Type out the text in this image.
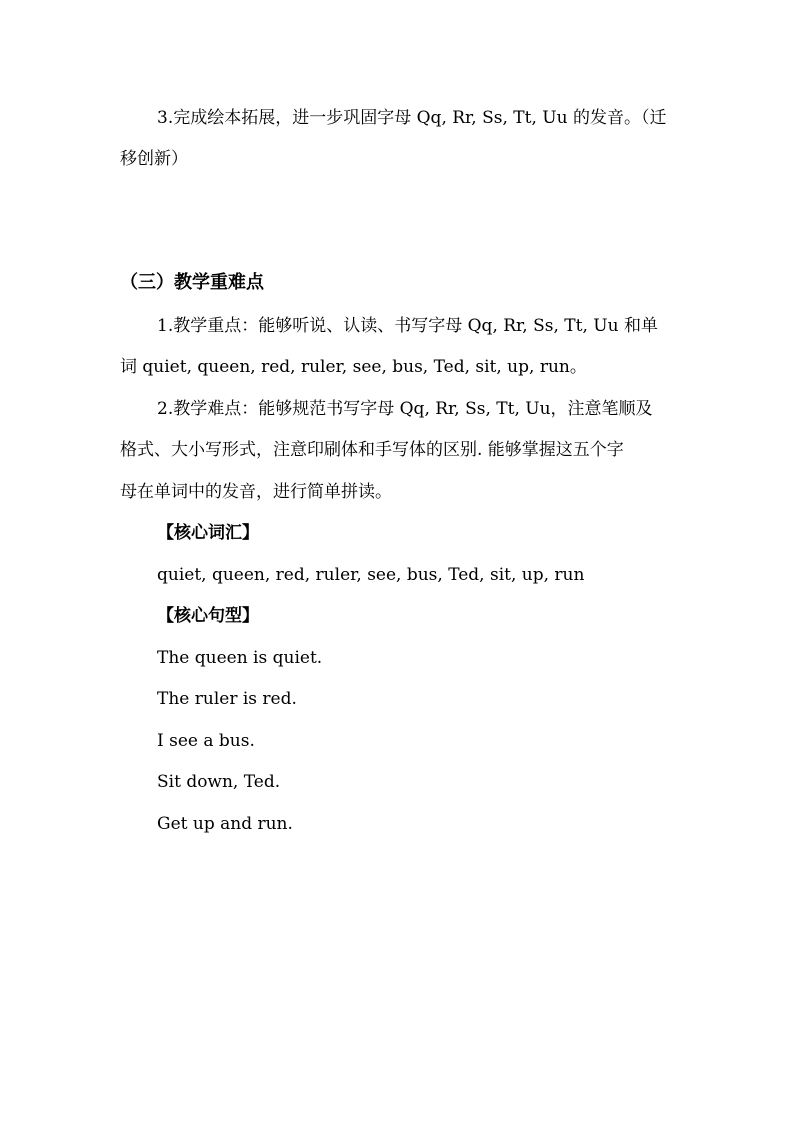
3.完成绘本拓展，进一步巩固字母 Qq, Rr, Ss, Tt, Uu 的发音。（迁
移创新）
（三）教学重难点
1.教学重点：能够听说、认读、书写字母 Qq, Rr, Ss, Tt, Uu 和单
词 quiet, queen, red, ruler, see, bus, Ted, sit, up, run。
2.教学难点：能够规范书写字母 Qq, Rr, Ss, Tt, Uu，注意笔顺及
格式、大小写形式，注意印刷体和手写体的区别. 能够掌握这五个字
母在单词中的发音，进行简单拼读。
【核心词汇】
quiet, queen, red, ruler, see, bus, Ted, sit, up, run
【核心句型】
The queen is quiet.
The ruler is red.
I see a bus.
Sit down, Ted.
Get up and run.
